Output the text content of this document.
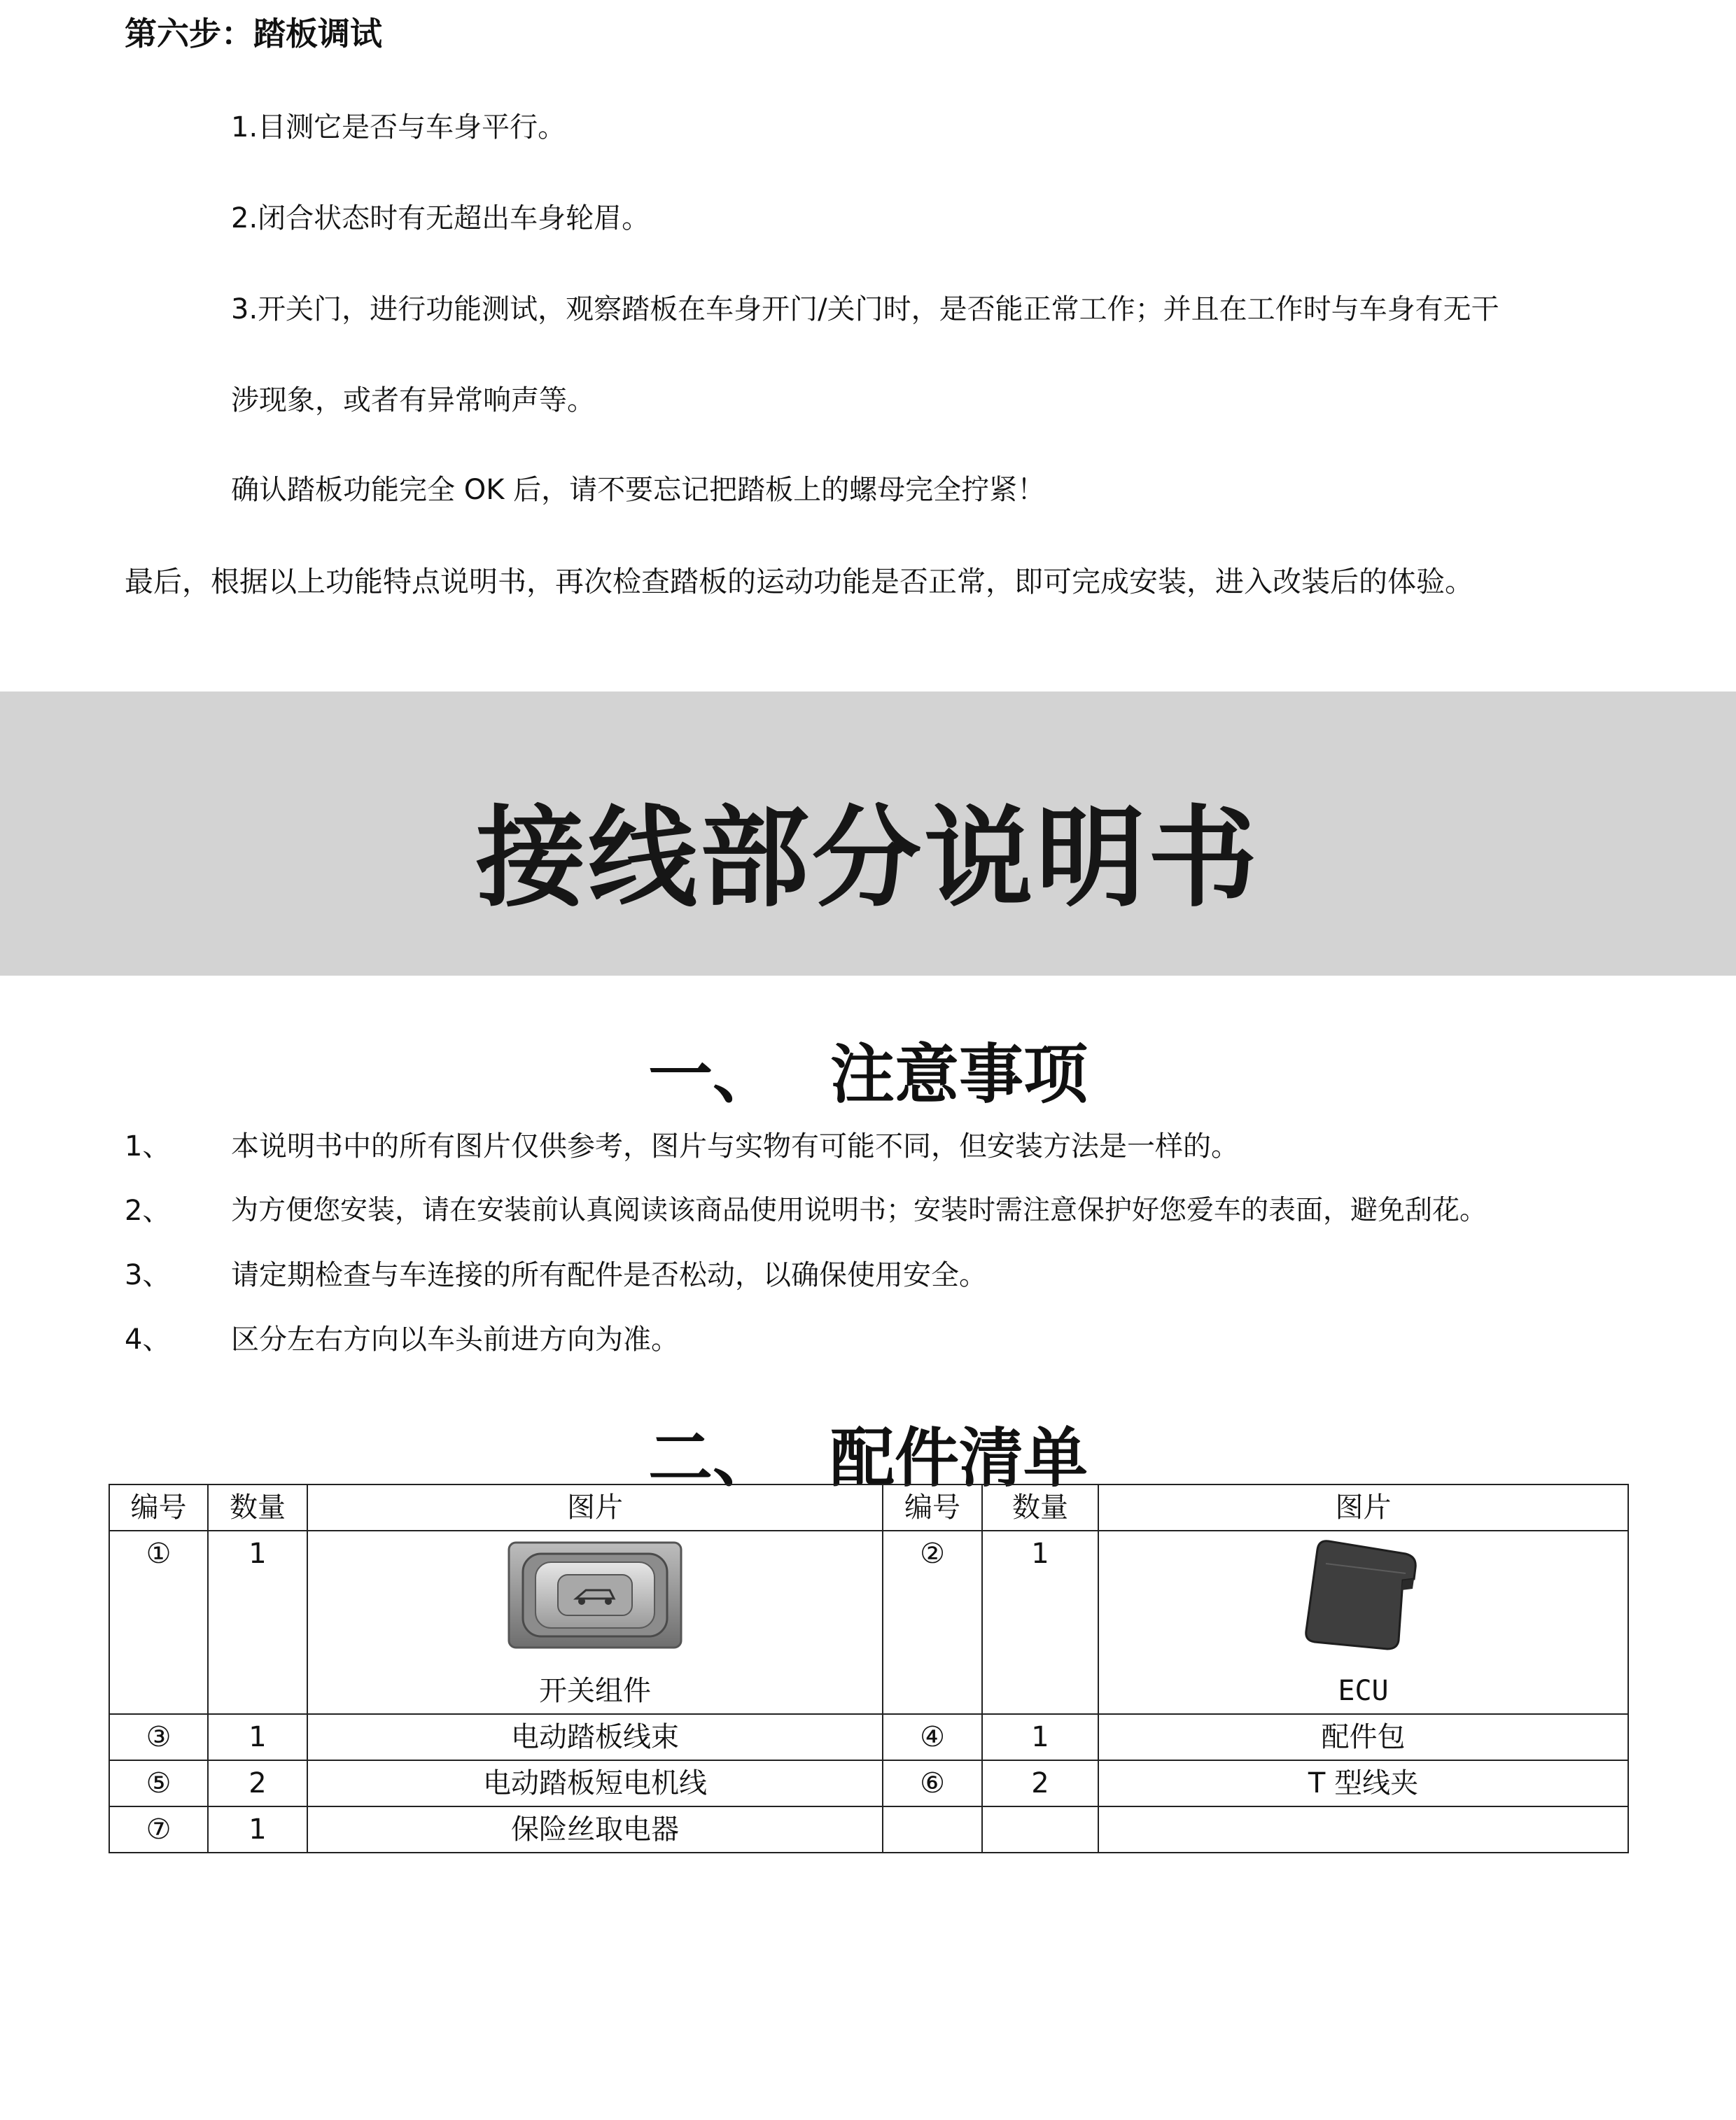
第六步：踏板调试
1.目测它是否与车身平行。
2.闭合状态时有无超出车身轮眉。
3.开关门，进行功能测试，观察踏板在车身开门/关门时，是否能正常工作；并且在工作时与车身有无干
涉现象，或者有异常响声等。
确认踏板功能完全 OK 后，请不要忘记把踏板上的螺母完全拧紧！
最后，根据以上功能特点说明书，再次检查踏板的运动功能是否正常，即可完成安装，进入改装后的体验。
接线部分说明书
一、 注意事项
1、 本说明书中的所有图片仅供参考，图片与实物有可能不同，但安装方法是一样的。
2、 为方便您安装，请在安装前认真阅读该商品使用说明书；安装时需注意保护好您爱车的表面，避免刮花。
3、 请定期检查与车连接的所有配件是否松动，以确保使用安全。
4、 区分左右方向以车头前进方向为准。
二、 配件清单
编号	数量	图片	编号	数量	图片
①	1	开关组件	②	1	ECU

③	1	电动踏板线束	④	1	配件包
⑤	2	电动踏板短电机线	⑥	2	T 型线夹
⑦	1	保险丝取电器			
